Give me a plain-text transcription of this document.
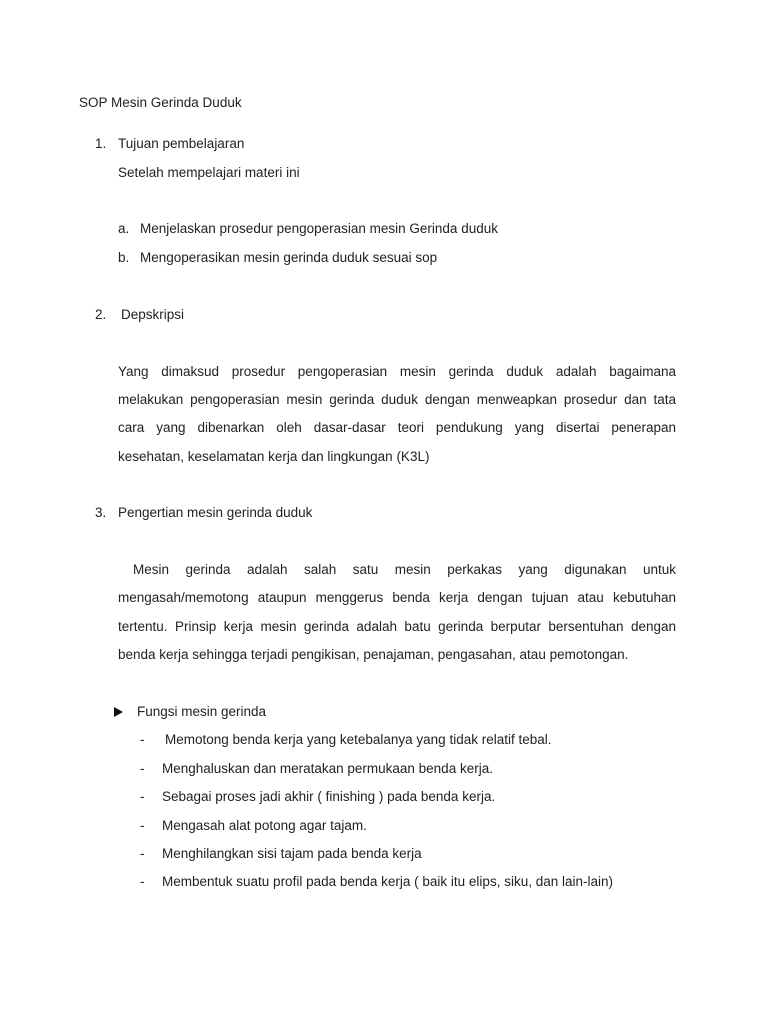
SOP Mesin Gerinda Duduk
1. Tujuan pembelajaran
Setelah mempelajari materi ini
a. Menjelaskan prosedur pengoperasian mesin Gerinda duduk
b. Mengoperasikan mesin gerinda duduk sesuai sop
2. Depskripsi
Yang dimaksud prosedur pengoperasian mesin gerinda duduk adalah bagaimana
melakukan pengoperasian mesin gerinda duduk dengan menweapkan prosedur dan tata
cara yang dibenarkan oleh dasar-dasar teori pendukung yang disertai penerapan
kesehatan, keselamatan kerja dan lingkungan (K3L)
3. Pengertian mesin gerinda duduk
Mesin gerinda adalah salah satu mesin perkakas yang digunakan untuk
mengasah/memotong ataupun menggerus benda kerja dengan tujuan atau kebutuhan
tertentu. Prinsip kerja mesin gerinda adalah batu gerinda berputar bersentuhan dengan
benda kerja sehingga terjadi pengikisan, penajaman, pengasahan, atau pemotongan.
Fungsi mesin gerinda
- Memotong benda kerja yang ketebalanya yang tidak relatif tebal.
- Menghaluskan dan meratakan permukaan benda kerja.
- Sebagai proses jadi akhir ( finishing ) pada benda kerja.
- Mengasah alat potong agar tajam.
- Menghilangkan sisi tajam pada benda kerja
- Membentuk suatu profil pada benda kerja ( baik itu elips, siku, dan lain-lain)
